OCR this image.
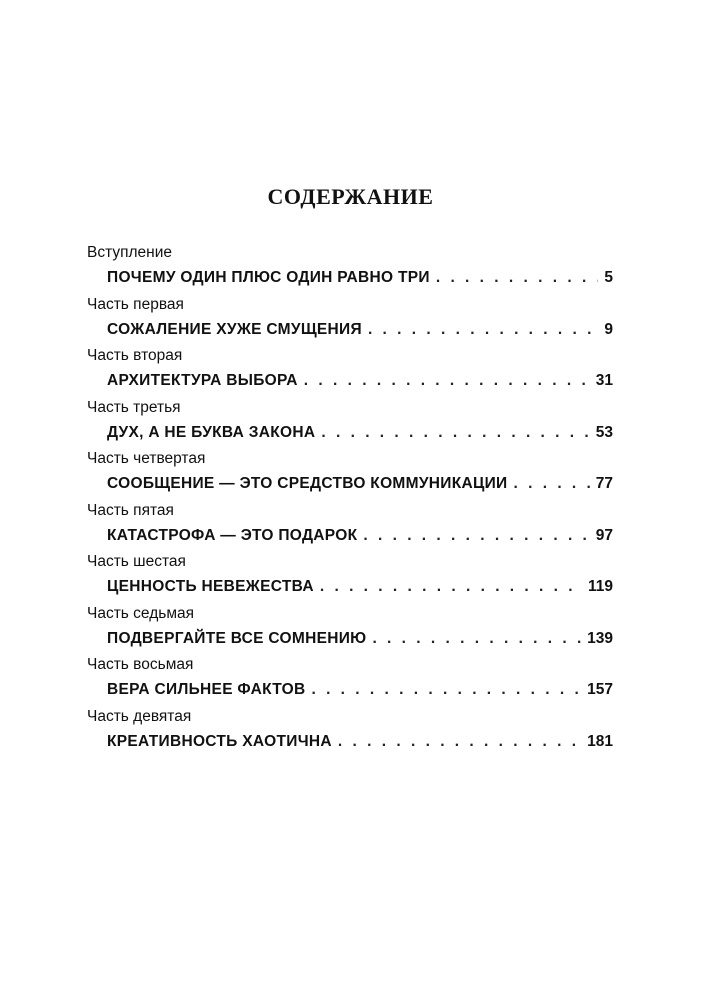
СОДЕРЖАНИЕ
Вступление
ПОЧЕМУ ОДИН ПЛЮС ОДИН РАВНО ТРИ . . .	5
Часть первая
СОЖАЛЕНИЕ ХУЖЕ СМУЩЕНИЯ . . .	9
Часть вторая
АРХИТЕКТУРА ВЫБОРА . . .	31
Часть третья
ДУХ, А НЕ БУКВА ЗАКОНА . . .	53
Часть четвертая
СООБЩЕНИЕ — ЭТО СРЕДСТВО КОММУНИКАЦИИ . . .	77
Часть пятая
КАТАСТРОФА — ЭТО ПОДАРОК . . .	97
Часть шестая
ЦЕННОСТЬ НЕВЕЖЕСТВА . . .	119
Часть седьмая
ПОДВЕРГАЙТЕ ВСЕ СОМНЕНИЮ . . .	139
Часть восьмая
ВЕРА СИЛЬНЕЕ ФАКТОВ . . .	157
Часть девятая
КРЕАТИВНОСТЬ ХАОТИЧНА . . .	181
